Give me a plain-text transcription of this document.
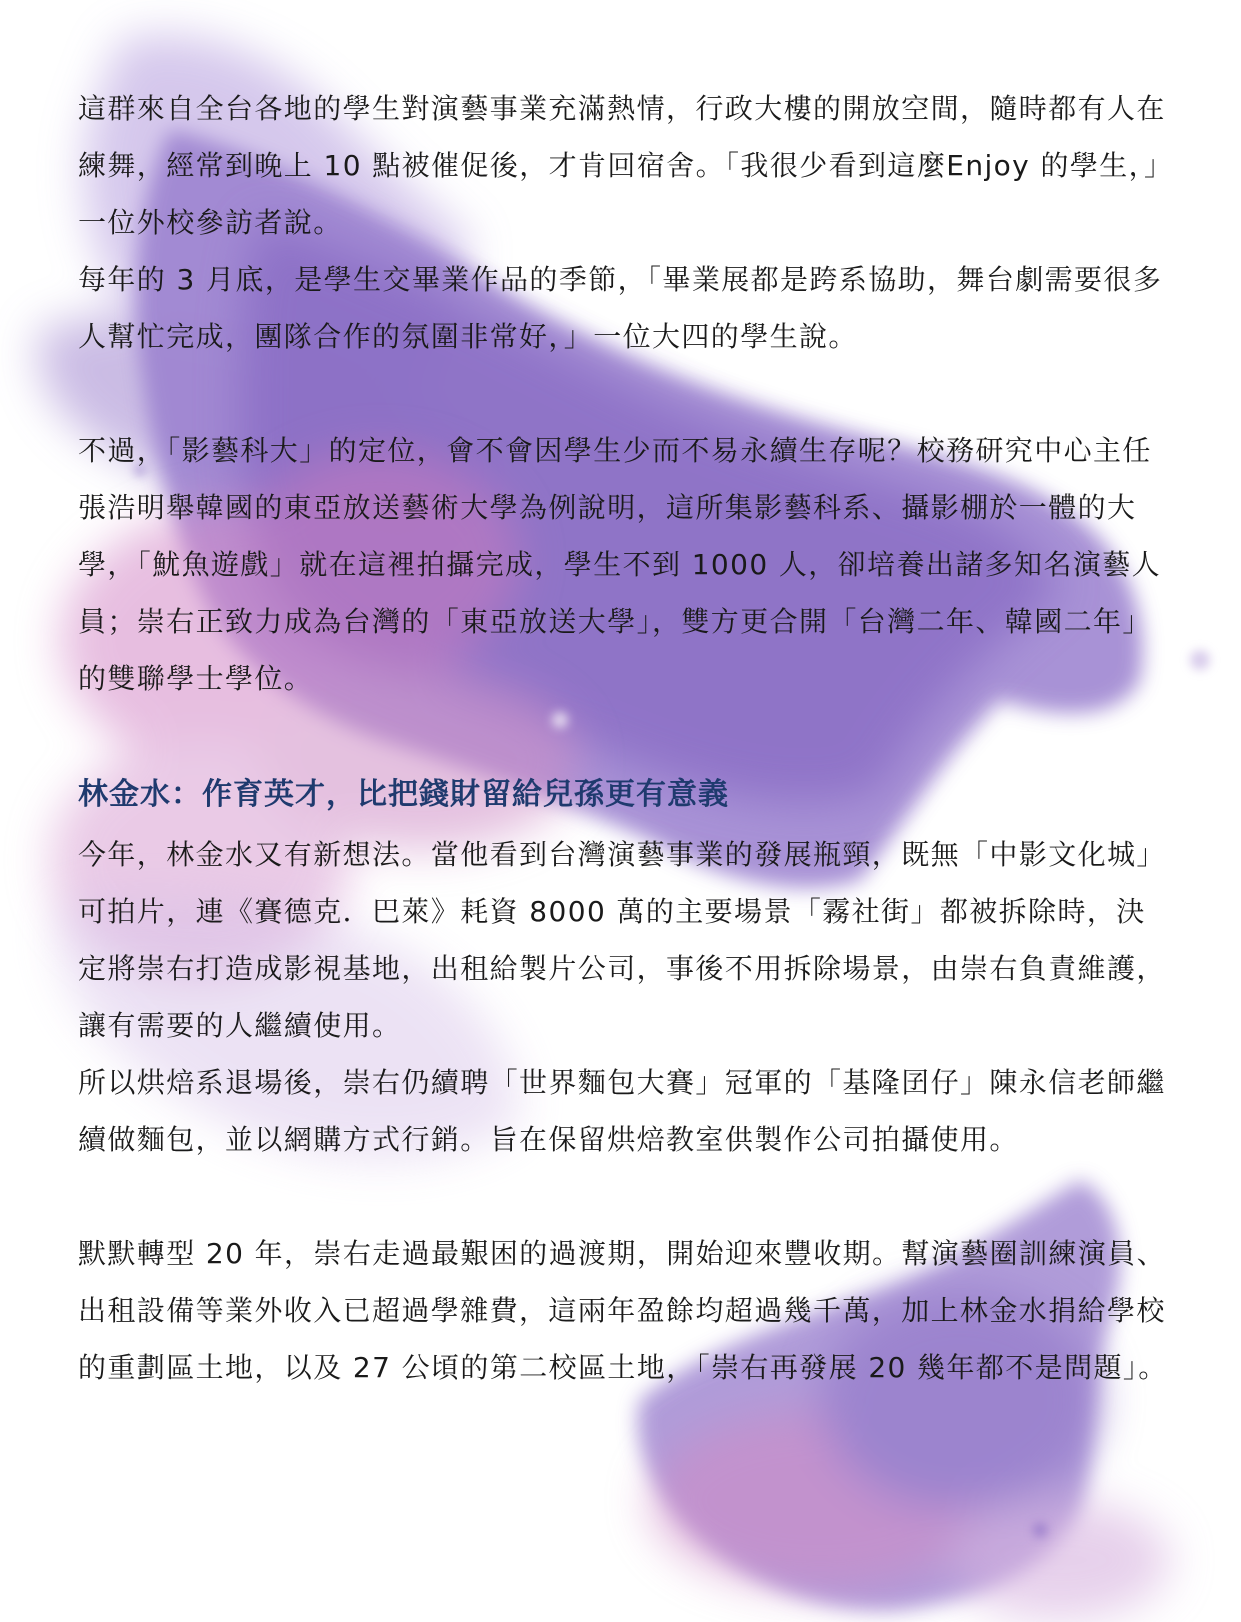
這群來自全台各地的學生對演藝事業充滿熱情，行政大樓的開放空間，隨時都有人在練舞，經常到晚上 10 點被催促後，才肯回宿舍。「我很少看到這麼Enjoy 的學生，」一位外校參訪者說。

每年的 3 月底，是學生交畢業作品的季節，「畢業展都是跨系協助，舞台劇需要很多人幫忙完成，團隊合作的氛圍非常好，」一位大四的學生說。

不過，「影藝科大」的定位，會不會因學生少而不易永續生存呢？校務研究中心主任張浩明舉韓國的東亞放送藝術大學為例說明，這所集影藝科系、攝影棚於一體的大學，「魷魚遊戲」就在這裡拍攝完成，學生不到 1000 人，卻培養出諸多知名演藝人員；崇右正致力成為台灣的「東亞放送大學」，雙方更合開「台灣二年、韓國二年」的雙聯學士學位。

林金水：作育英才，比把錢財留給兒孫更有意義

今年，林金水又有新想法。當他看到台灣演藝事業的發展瓶頸，既無「中影文化城」可拍片，連《賽德克．巴萊》耗資 8000 萬的主要場景「霧社街」都被拆除時，決定將崇右打造成影視基地，出租給製片公司，事後不用拆除場景，由崇右負責維護，讓有需要的人繼續使用。

所以烘焙系退場後，崇右仍續聘「世界麵包大賽」冠軍的「基隆囝仔」陳永信老師繼續做麵包，並以網購方式行銷。旨在保留烘焙教室供製作公司拍攝使用。

默默轉型 20 年，崇右走過最艱困的過渡期，開始迎來豐收期。幫演藝圈訓練演員、出租設備等業外收入已超過學雜費，這兩年盈餘均超過幾千萬，加上林金水捐給學校的重劃區土地，以及 27 公頃的第二校區土地，「崇右再發展 20 幾年都不是問題」。
